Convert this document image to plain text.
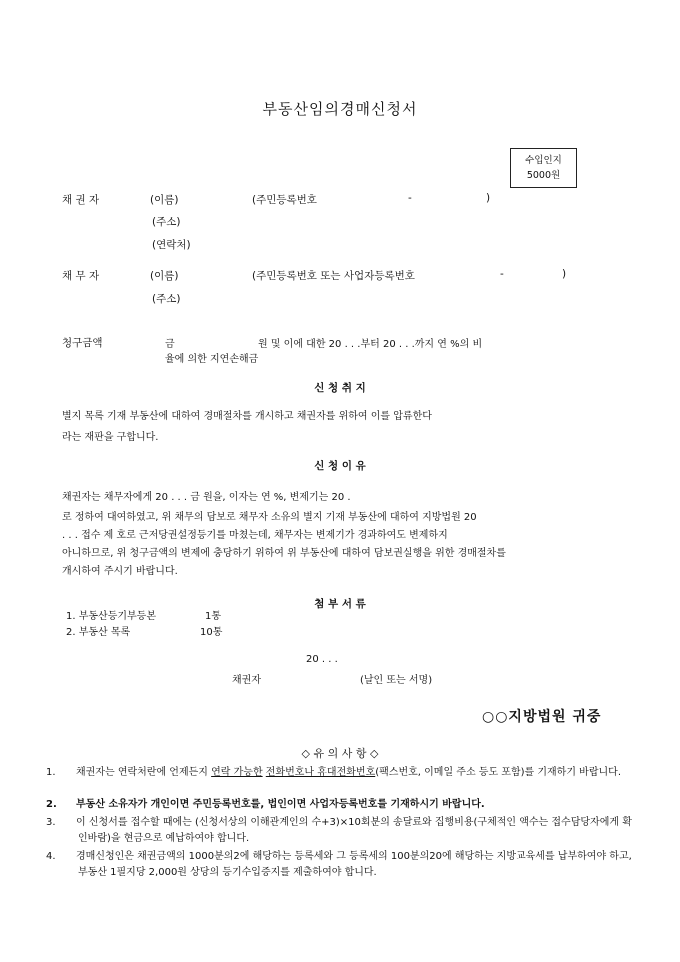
부동산임의경매신청서
수입인지
5000원
채 권 자	(이름)	(주민등록번호	-	)
(주소)
(연락처)
채 무 자	(이름)	(주민등록번호 또는 사업자등록번호	-	)
(주소)
청구금액	금	원 및 이에 대한 20 . . .부터 20 . . .까지 연 %의 비
율에 의한 지연손해금
신 청 취 지
별지 목록 기재 부동산에 대하여 경매절차를 개시하고 채권자를 위하여 이를 압류한다
라는 재판을 구합니다.
신 청 이 유
채권자는 채무자에게 20 . . . 금 원을, 이자는 연 %, 변제기는 20 .
로 정하여 대여하였고, 위 채무의 담보로 채무자 소유의 별지 기재 부동산에 대하여 지방법원 20
. . . 접수 제 호로 근저당권설정등기를 마쳤는데, 채무자는 변제기가 경과하여도 변제하지
아니하므로, 위 청구금액의 변제에 충당하기 위하여 위 부동산에 대하여 담보권실행을 위한 경매절차를
개시하여 주시기 바랍니다.
첨 부 서 류
1. 부동산등기부등본	1통
2. 부동산 목록	10통
20 . . .
채권자	(날인 또는 서명)
○○지방법원 귀중
◇ 유 의 사 항 ◇
1. 채권자는 연락처란에 언제든지 연락 가능한 전화번호나 휴대전화번호(팩스번호, 이메일 주소 등도 포함)를 기재하기 바랍니다.
2. 부동산 소유자가 개인이면 주민등록번호를, 법인이면 사업자등록번호를 기재하시기 바랍니다.
3. 이 신청서를 접수할 때에는 (신청서상의 이해관계인의 수+3)×10회분의 송달료와 집행비용(구체적인 액수는 접수담당자에게 확인바람)을 현금으로 예납하여야 합니다.
4. 경매신청인은 채권금액의 1000분의2에 해당하는 등록세와 그 등록세의 100분의20에 해당하는 지방교육세를 납부하여야 하고, 부동산 1필지당 2,000원 상당의 등기수입증지를 제출하여야 합니다.
